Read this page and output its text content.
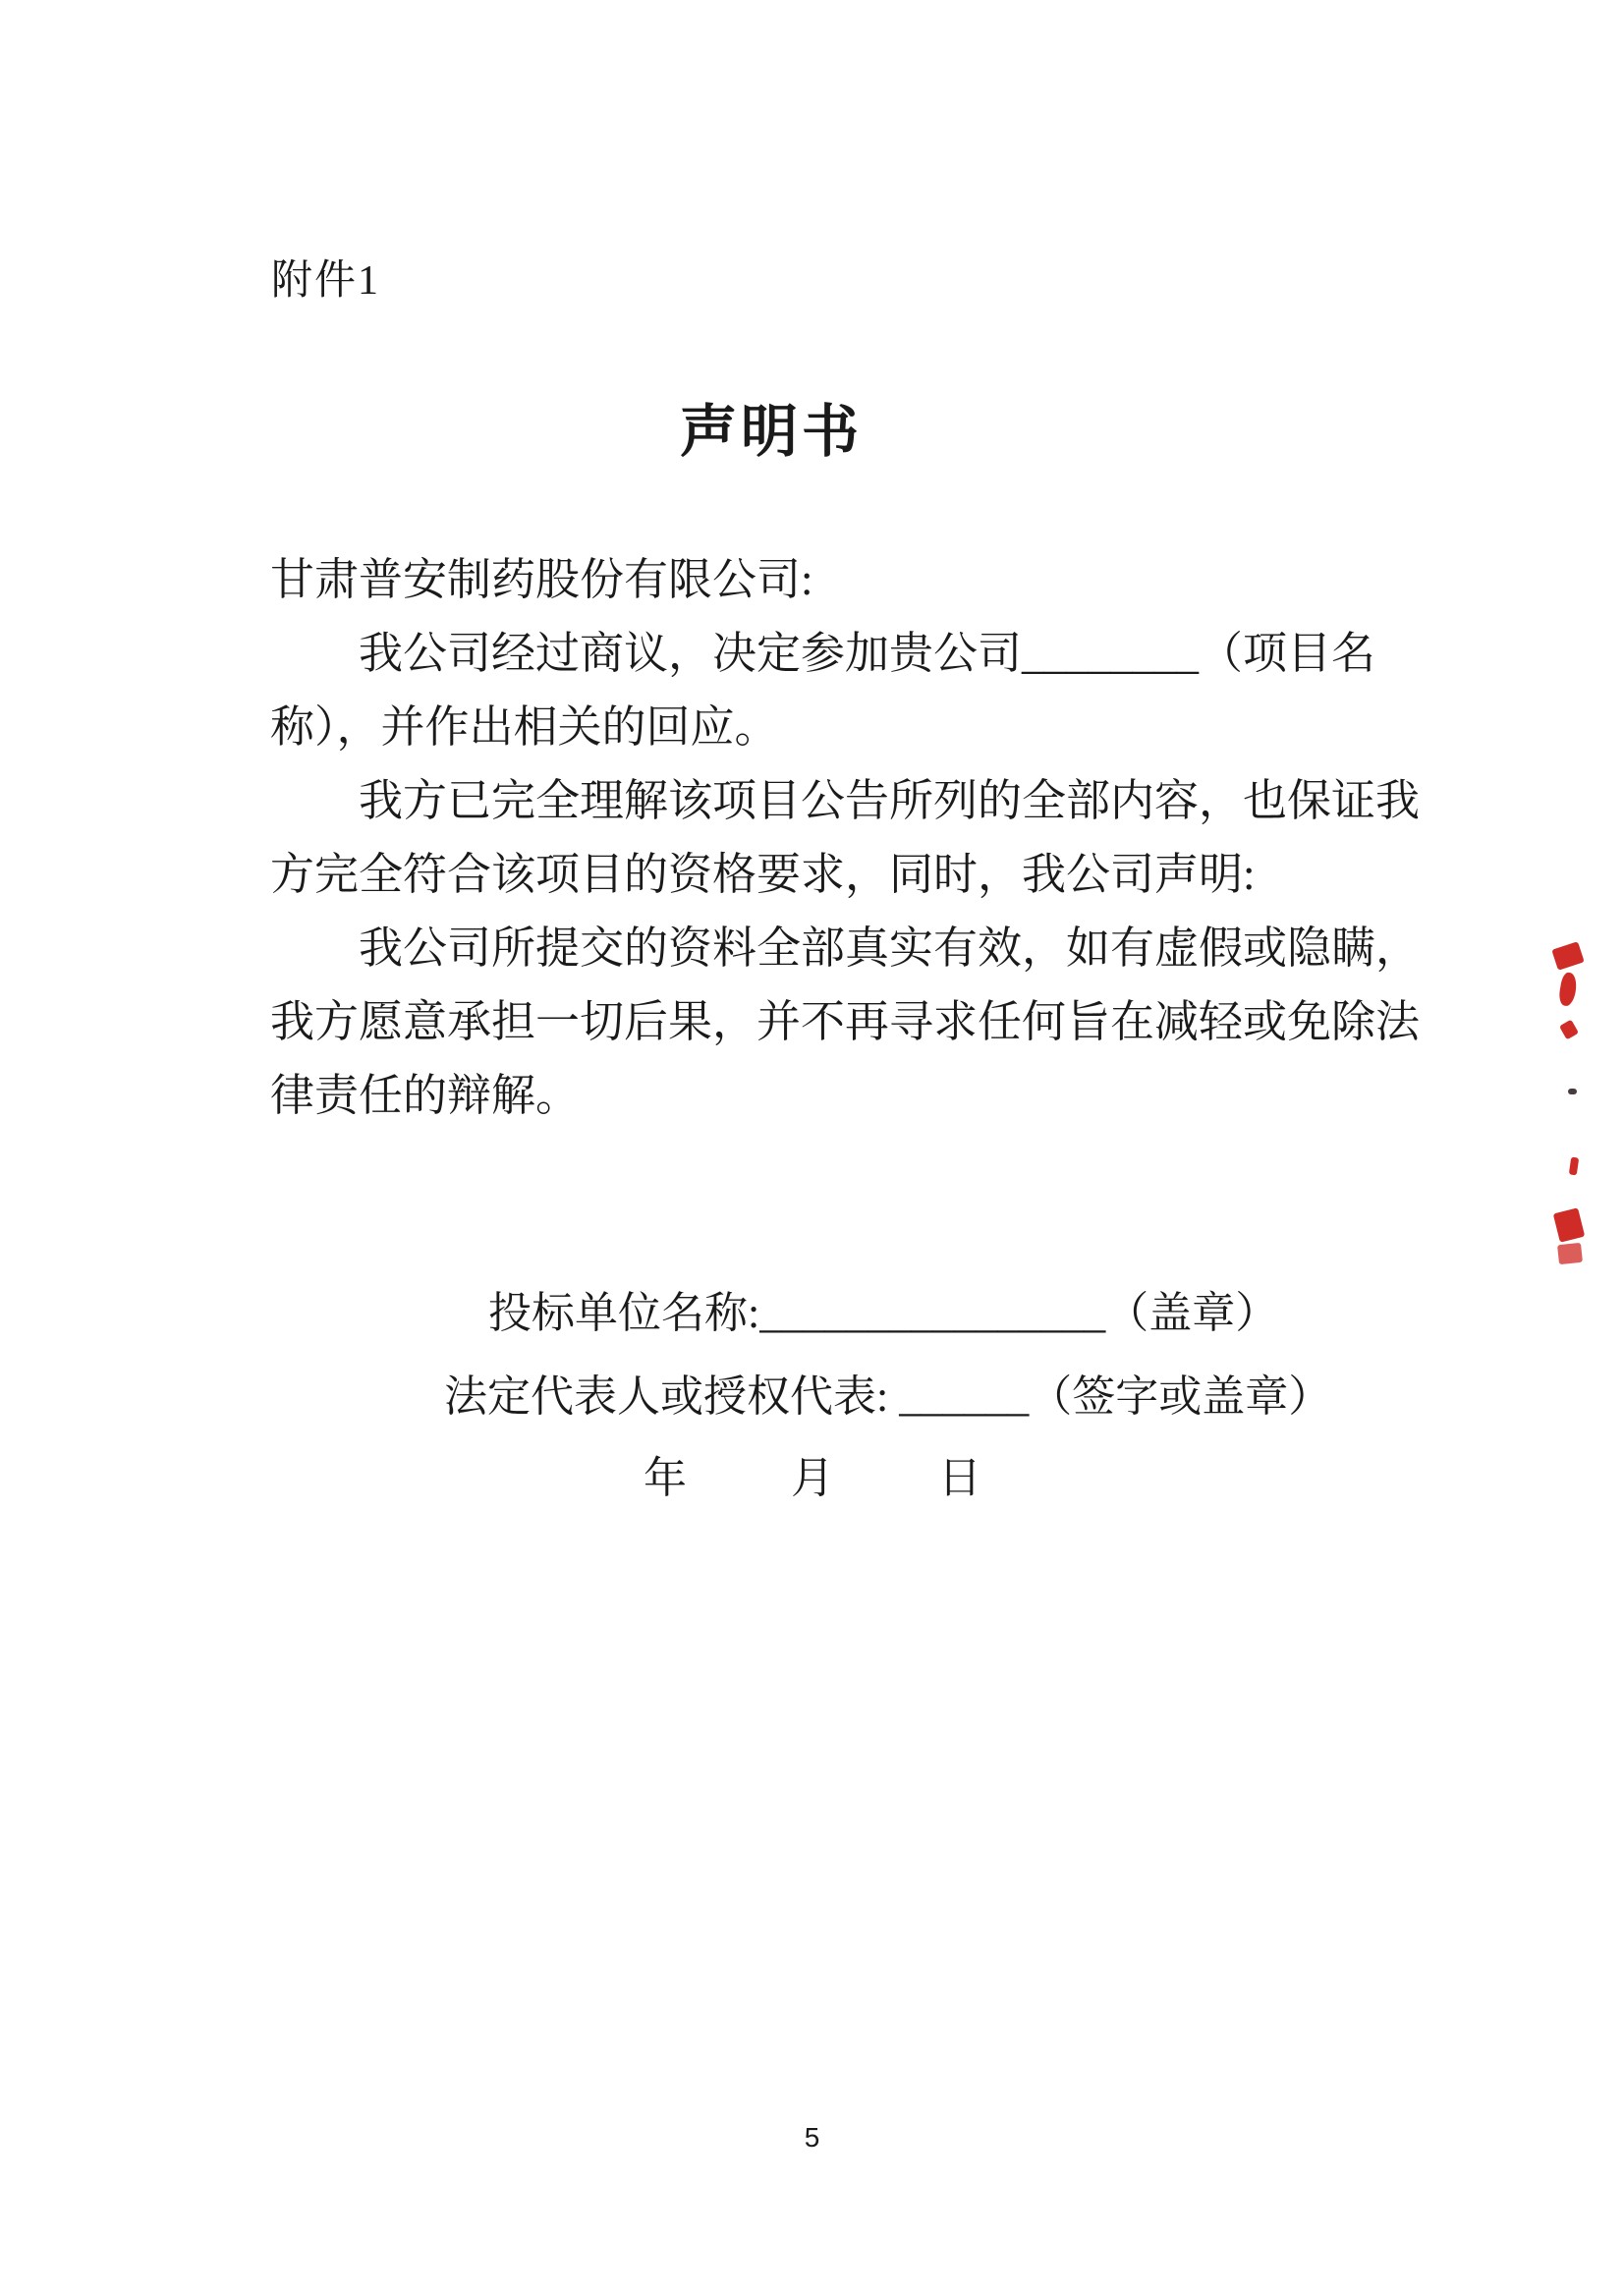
附件1
声明书
甘肃普安制药股份有限公司:
我公司经过商议，决定参加贵公司________（项目名
称），并作出相关的回应。
我方已完全理解该项目公告所列的全部内容，也保证我
方完全符合该项目的资格要求，同时，我公司声明:
我公司所提交的资料全部真实有效，如有虚假或隐瞒，
我方愿意承担一切后果，并不再寻求任何旨在减轻或免除法
律责任的辩解。
投标单位名称:________________（盖章）
法定代表人或授权代表: ______（签字或盖章）
年　　月　　日
5
